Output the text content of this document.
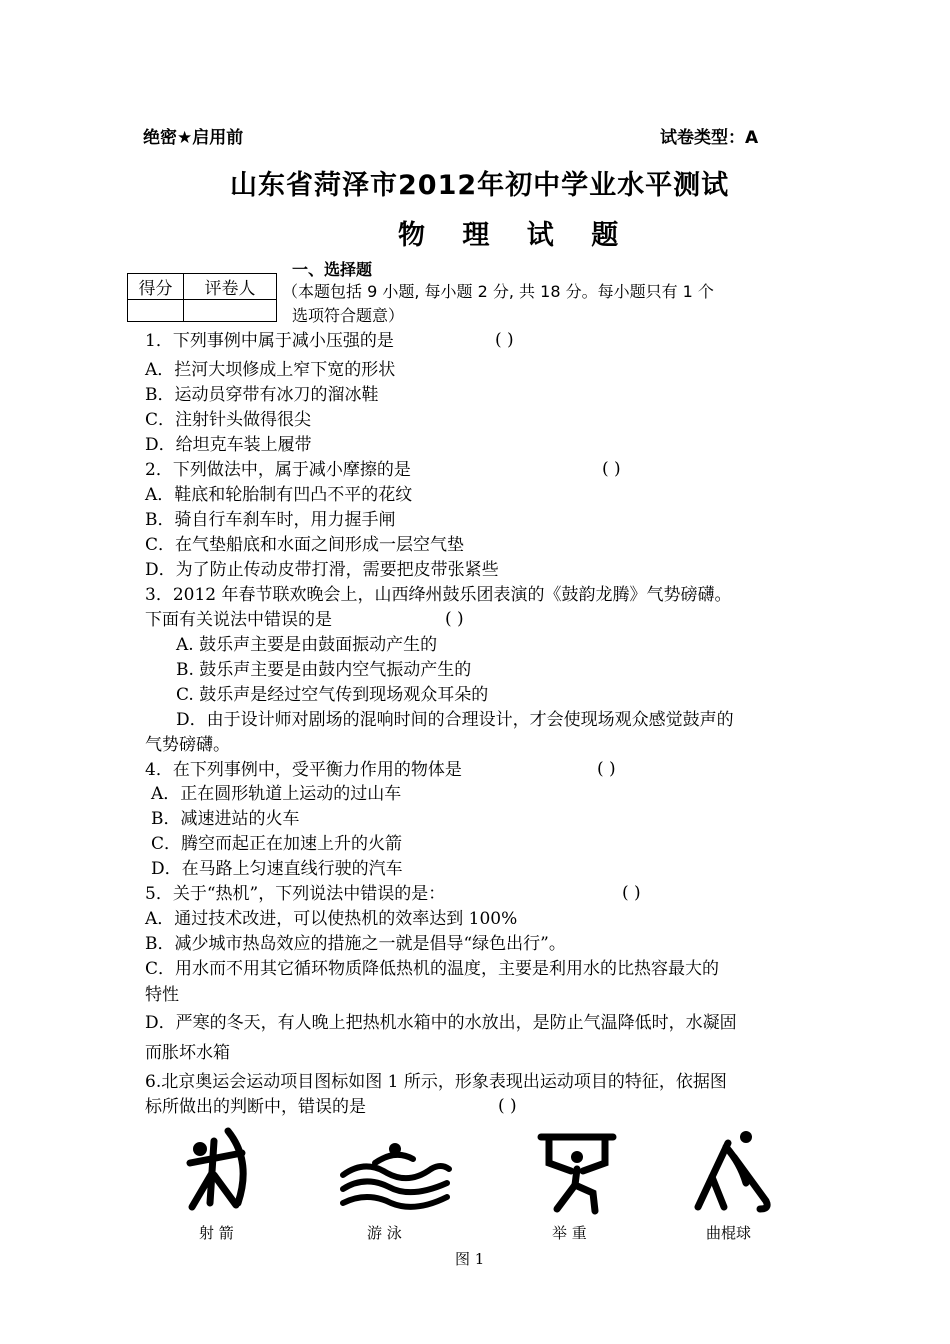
绝密★启用前	试卷类型：A
山东省菏泽市2012年初中学业水平测试
物 理 试 题
得分	评卷人

一、选择题
（本题包括 9 小题, 每小题 2 分, 共 18 分。每小题只有 1 个
选项符合题意）
1．下列事例中属于减小压强的是	( )
A．拦河大坝修成上窄下宽的形状
B．运动员穿带有冰刀的溜冰鞋
C．注射针头做得很尖
D．给坦克车装上履带
2．下列做法中，属于减小摩擦的是	( )
A．鞋底和轮胎制有凹凸不平的花纹
B．骑自行车刹车时，用力握手闸
C．在气垫船底和水面之间形成一层空气垫
D．为了防止传动皮带打滑，需要把皮带张紧些
3．2012 年春节联欢晚会上，山西绛州鼓乐团表演的《鼓韵龙腾》气势磅礴。
下面有关说法中错误的是	( )
A. 鼓乐声主要是由鼓面振动产生的
B. 鼓乐声主要是由鼓内空气振动产生的
C. 鼓乐声是经过空气传到现场观众耳朵的
D．由于设计师对剧场的混响时间的合理设计，才会使现场观众感觉鼓声的
气势磅礴。
4．在下列事例中，受平衡力作用的物体是	( )
A．正在圆形轨道上运动的过山车
B．减速进站的火车
C．腾空而起正在加速上升的火箭
D．在马路上匀速直线行驶的汽车
5．关于“热机”，下列说法中错误的是：	( )
A．通过技术改进，可以使热机的效率达到 100%
B．减少城市热岛效应的措施之一就是倡导“绿色出行”。
C．用水而不用其它循环物质降低热机的温度，主要是利用水的比热容最大的
特性
D．严寒的冬天，有人晚上把热机水箱中的水放出，是防止气温降低时，水凝固
而胀坏水箱
6.北京奥运会运动项目图标如图 1 所示，形象表现出运动项目的特征，依据图
标所做出的判断中，错误的是	( )
射 箭	游 泳	举 重	曲棍球
图 1
